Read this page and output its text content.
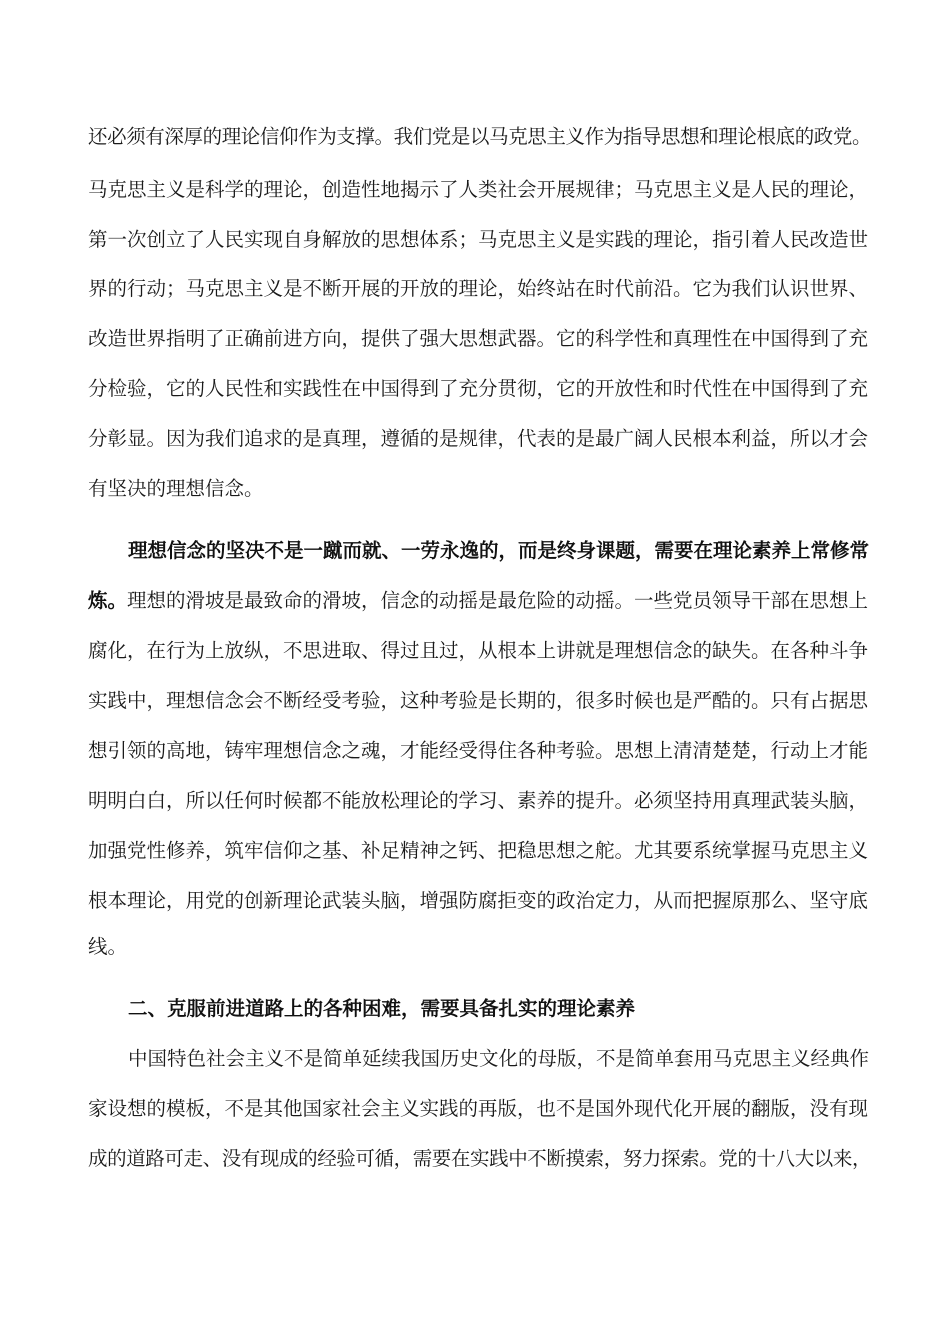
还必须有深厚的理论信仰作为支撑。我们党是以马克思主义作为指导思想和理论根底的政党。
马克思主义是科学的理论，创造性地揭示了人类社会开展规律；马克思主义是人民的理论，
第一次创立了人民实现自身解放的思想体系；马克思主义是实践的理论，指引着人民改造世
界的行动；马克思主义是不断开展的开放的理论，始终站在时代前沿。它为我们认识世界、
改造世界指明了正确前进方向，提供了强大思想武器。它的科学性和真理性在中国得到了充
分检验，它的人民性和实践性在中国得到了充分贯彻，它的开放性和时代性在中国得到了充
分彰显。因为我们追求的是真理，遵循的是规律，代表的是最广阔人民根本利益，所以才会
有坚决的理想信念。
理想信念的坚决不是一蹴而就、一劳永逸的，而是终身课题，需要在理论素养上常修常
炼。理想的滑坡是最致命的滑坡，信念的动摇是最危险的动摇。一些党员领导干部在思想上
腐化，在行为上放纵，不思进取、得过且过，从根本上讲就是理想信念的缺失。在各种斗争
实践中，理想信念会不断经受考验，这种考验是长期的，很多时候也是严酷的。只有占据思
想引领的高地，铸牢理想信念之魂，才能经受得住各种考验。思想上清清楚楚，行动上才能
明明白白，所以任何时候都不能放松理论的学习、素养的提升。必须坚持用真理武装头脑，
加强党性修养，筑牢信仰之基、补足精神之钙、把稳思想之舵。尤其要系统掌握马克思主义
根本理论，用党的创新理论武装头脑，增强防腐拒变的政治定力，从而把握原那么、坚守底
线。
二、克服前进道路上的各种困难，需要具备扎实的理论素养
中国特色社会主义不是简单延续我国历史文化的母版，不是简单套用马克思主义经典作
家设想的模板，不是其他国家社会主义实践的再版，也不是国外现代化开展的翻版，没有现
成的道路可走、没有现成的经验可循，需要在实践中不断摸索，努力探索。党的十八大以来，
